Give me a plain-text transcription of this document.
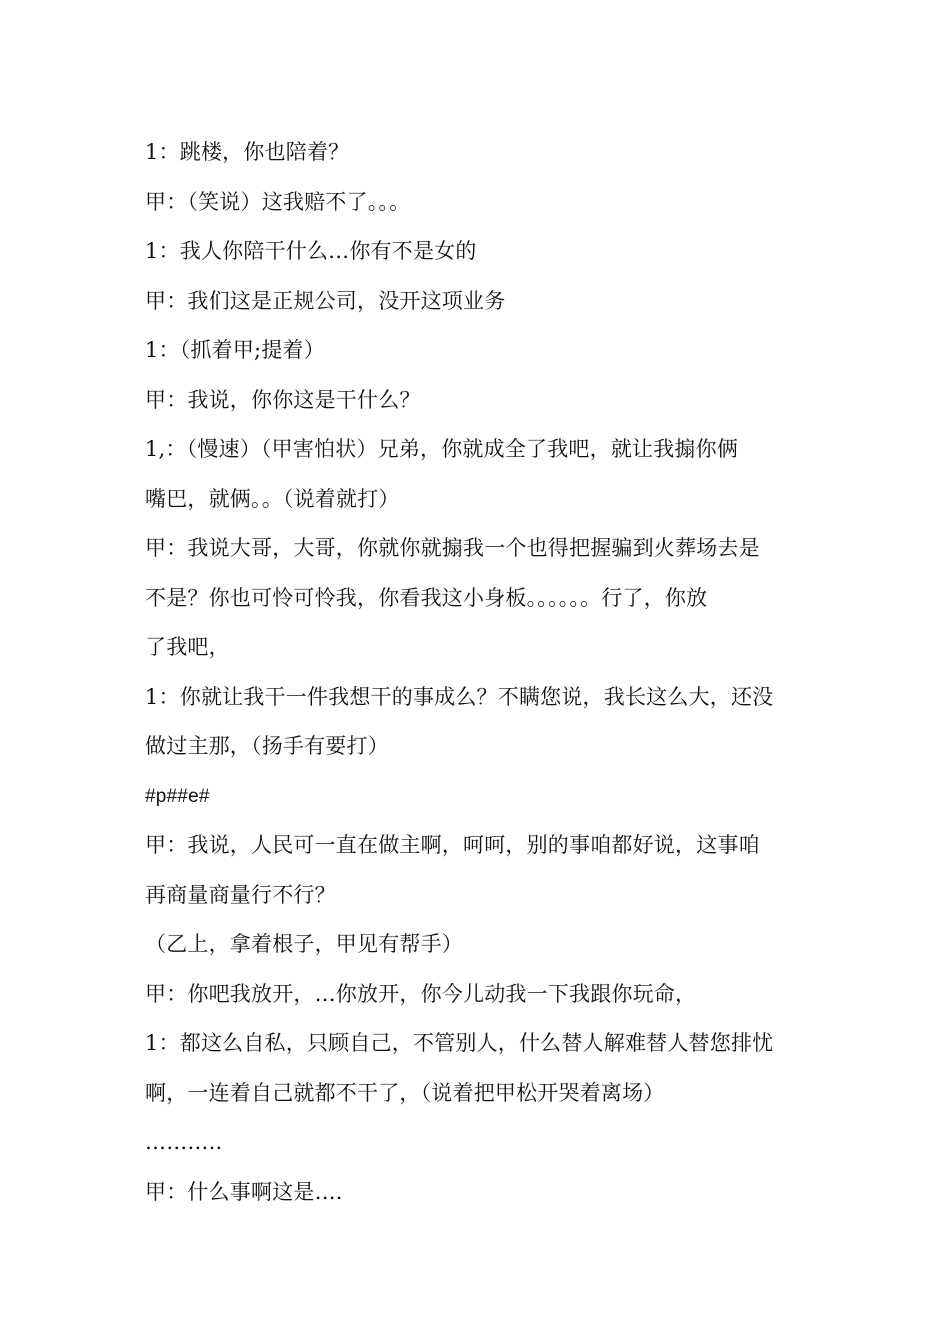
1：跳楼，你也陪着？
甲：（笑说）这我赔不了。。。
1：我人你陪干什么…你有不是女的
甲：我们这是正规公司，没开这项业务
1：（抓着甲;提着）
甲：我说，你你这是干什么？
1,：（慢速）（甲害怕状）兄弟，你就成全了我吧，就让我搧你俩
嘴巴，就俩。。（说着就打）
甲：我说大哥，大哥，你就你就搧我一个也得把握骗到火葬场去是
不是？你也可怜可怜我，你看我这小身板。。。。。。行了，你放
了我吧，
1：你就让我干一件我想干的事成么？不瞒您说，我长这么大，还没
做过主那，（扬手有要打）
#p##e#
甲：我说，人民可一直在做主啊，呵呵，别的事咱都好说，这事咱
再商量商量行不行？
（乙上，拿着根子，甲见有帮手）
甲：你吧我放开，…你放开，你今儿动我一下我跟你玩命，
1：都这么自私，只顾自己，不管别人，什么替人解难替人替您排忧
啊，一连着自己就都不干了，（说着把甲松开哭着离场）
………..
甲：什么事啊这是….
